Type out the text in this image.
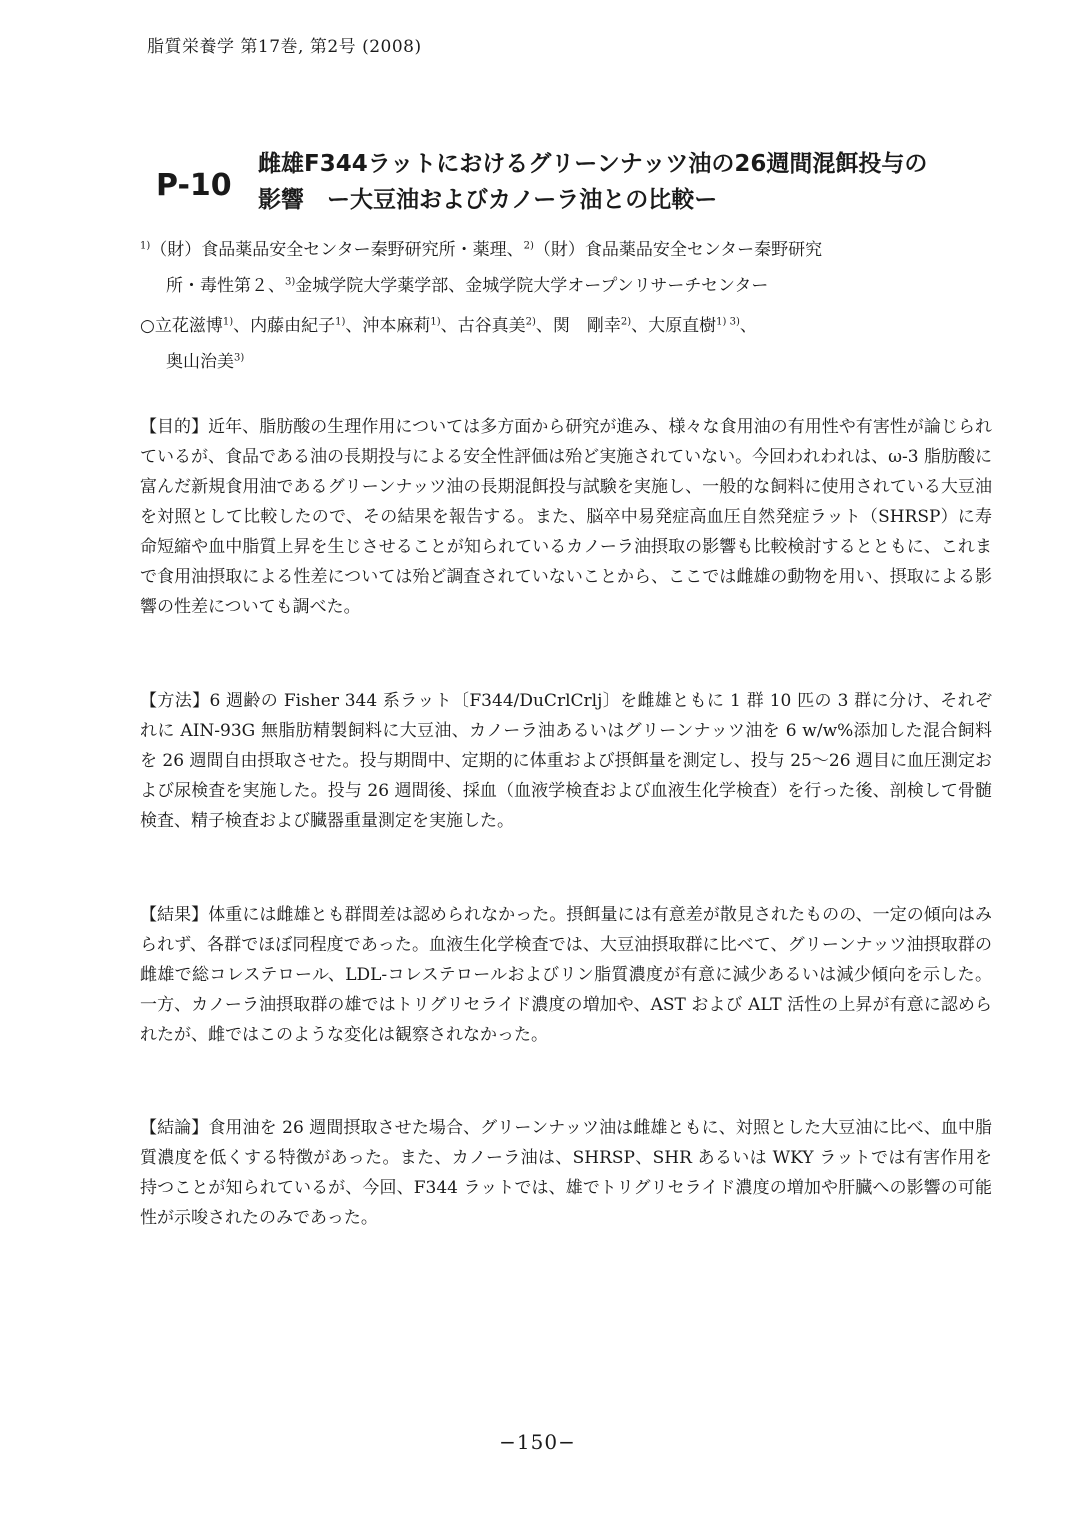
脂質栄養学 第17巻, 第2号 (2008)
P-10
雌雄F344ラットにおけるグリーンナッツ油の26週間混餌投与の
影響　ー大豆油およびカノーラ油との比較ー
$^{1)}$（財）食品薬品安全センター秦野研究所・薬理、$^{2)}$（財）食品薬品安全センター秦野研究
所・毒性第２、$^{3)}$金城学院大学薬学部、金城学院大学オープンリサーチセンター
○立花滋博$^{1)}$、内藤由紀子$^{1)}$、沖本麻莉$^{1)}$、古谷真美$^{2)}$、関　剛幸$^{2)}$、大原直樹$^{1) 3)}$、
奥山治美$^{3)}$

【目的】近年、脂肪酸の生理作用については多方面から研究が進み、様々な食用油の有用性や有害性が論じられているが、食品である油の長期投与による安全性評価は殆ど実施されていない。今回われわれは、ω-3 脂肪酸に富んだ新規食用油であるグリーンナッツ油の長期混餌投与試験を実施し、一般的な飼料に使用されている大豆油を対照として比較したので、その結果を報告する。また、脳卒中易発症高血圧自然発症ラット（SHRSP）に寿命短縮や血中脂質上昇を生じさせることが知られているカノーラ油摂取の影響も比較検討するとともに、これまで食用油摂取による性差については殆ど調査されていないことから、ここでは雌雄の動物を用い、摂取による影響の性差についても調べた。

【方法】6 週齢の Fisher 344 系ラット〔F344/DuCrlCrlj〕を雌雄ともに 1 群 10 匹の 3 群に分け、それぞれに AIN-93G 無脂肪精製飼料に大豆油、カノーラ油あるいはグリーンナッツ油を 6 w/w%添加した混合飼料を 26 週間自由摂取させた。投与期間中、定期的に体重および摂餌量を測定し、投与 25〜26 週目に血圧測定および尿検査を実施した。投与 26 週間後、採血（血液学検査および血液生化学検査）を行った後、剖検して骨髄検査、精子検査および臓器重量測定を実施した。

【結果】体重には雌雄とも群間差は認められなかった。摂餌量には有意差が散見されたものの、一定の傾向はみられず、各群でほぼ同程度であった。血液生化学検査では、大豆油摂取群に比べて、グリーンナッツ油摂取群の雌雄で総コレステロール、LDL-コレステロールおよびリン脂質濃度が有意に減少あるいは減少傾向を示した。一方、カノーラ油摂取群の雄ではトリグリセライド濃度の増加や、AST および ALT 活性の上昇が有意に認められたが、雌ではこのような変化は観察されなかった。

【結論】食用油を 26 週間摂取させた場合、グリーンナッツ油は雌雄ともに、対照とした大豆油に比べ、血中脂質濃度を低くする特徴があった。また、カノーラ油は、SHRSP、SHR あるいは WKY ラットでは有害作用を持つことが知られているが、今回、F344 ラットでは、雄でトリグリセライド濃度の増加や肝臓への影響の可能性が示唆されたのみであった。

−150−
